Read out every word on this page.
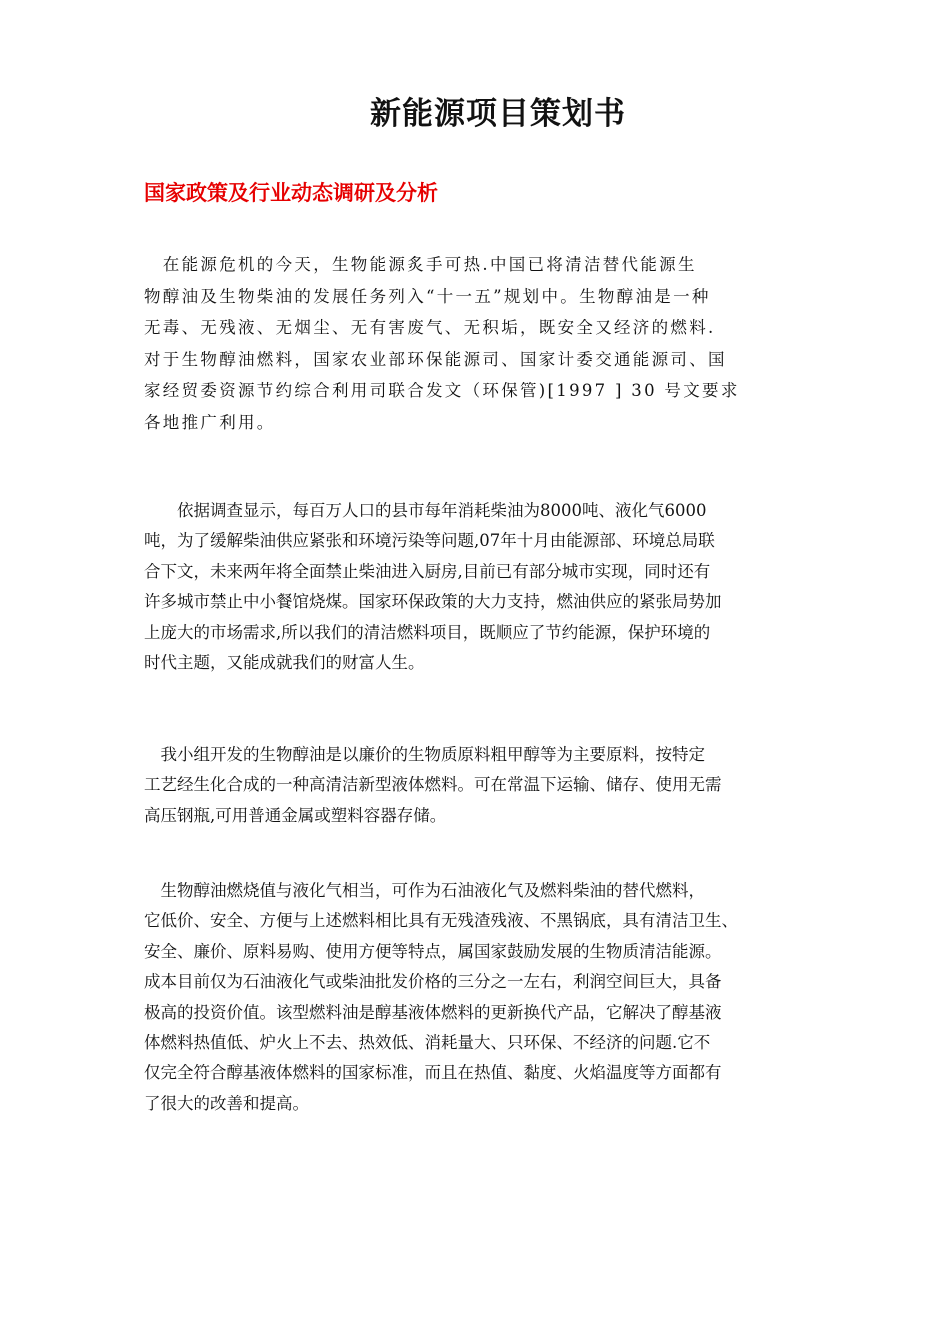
新能源项目策划书
国家政策及行业动态调研及分析
　在能源危机的今天，生物能源炙手可热.中国已将清洁替代能源生
物醇油及生物柴油的发展任务列入“十一五”规划中。生物醇油是一种
无毒、无残液、无烟尘、无有害废气、无积垢，既安全又经济的燃料.
对于生物醇油燃料，国家农业部环保能源司、国家计委交通能源司、国
家经贸委资源节约综合利用司联合发文（环保管)[1997 ] 30 号文要求
各地推广利用。
　　依据调查显示，每百万人口的县市每年消耗柴油为8000吨、液化气6000
吨，为了缓解柴油供应紧张和环境污染等问题,07年十月由能源部、环境总局联
合下文，未来两年将全面禁止柴油进入厨房,目前已有部分城市实现，同时还有
许多城市禁止中小餐馆烧煤。国家环保政策的大力支持，燃油供应的紧张局势加
上庞大的市场需求,所以我们的清洁燃料项目，既顺应了节约能源，保护环境的
时代主题，又能成就我们的财富人生。
　我小组开发的生物醇油是以廉价的生物质原料粗甲醇等为主要原料，按特定
工艺经生化合成的一种高清洁新型液体燃料。可在常温下运输、储存、使用无需
高压钢瓶,可用普通金属或塑料容器存储。
　生物醇油燃烧值与液化气相当，可作为石油液化气及燃料柴油的替代燃料，
它低价、安全、方便与上述燃料相比具有无残渣残液、不黑锅底，具有清洁卫生、
安全、廉价、原料易购、使用方便等特点，属国家鼓励发展的生物质清洁能源。
成本目前仅为石油液化气或柴油批发价格的三分之一左右，利润空间巨大，具备
极高的投资价值。该型燃料油是醇基液体燃料的更新换代产品，它解决了醇基液
体燃料热值低、炉火上不去、热效低、消耗量大、只环保、不经济的问题.它不
仅完全符合醇基液体燃料的国家标准，而且在热值、黏度、火焰温度等方面都有
了很大的改善和提高。
